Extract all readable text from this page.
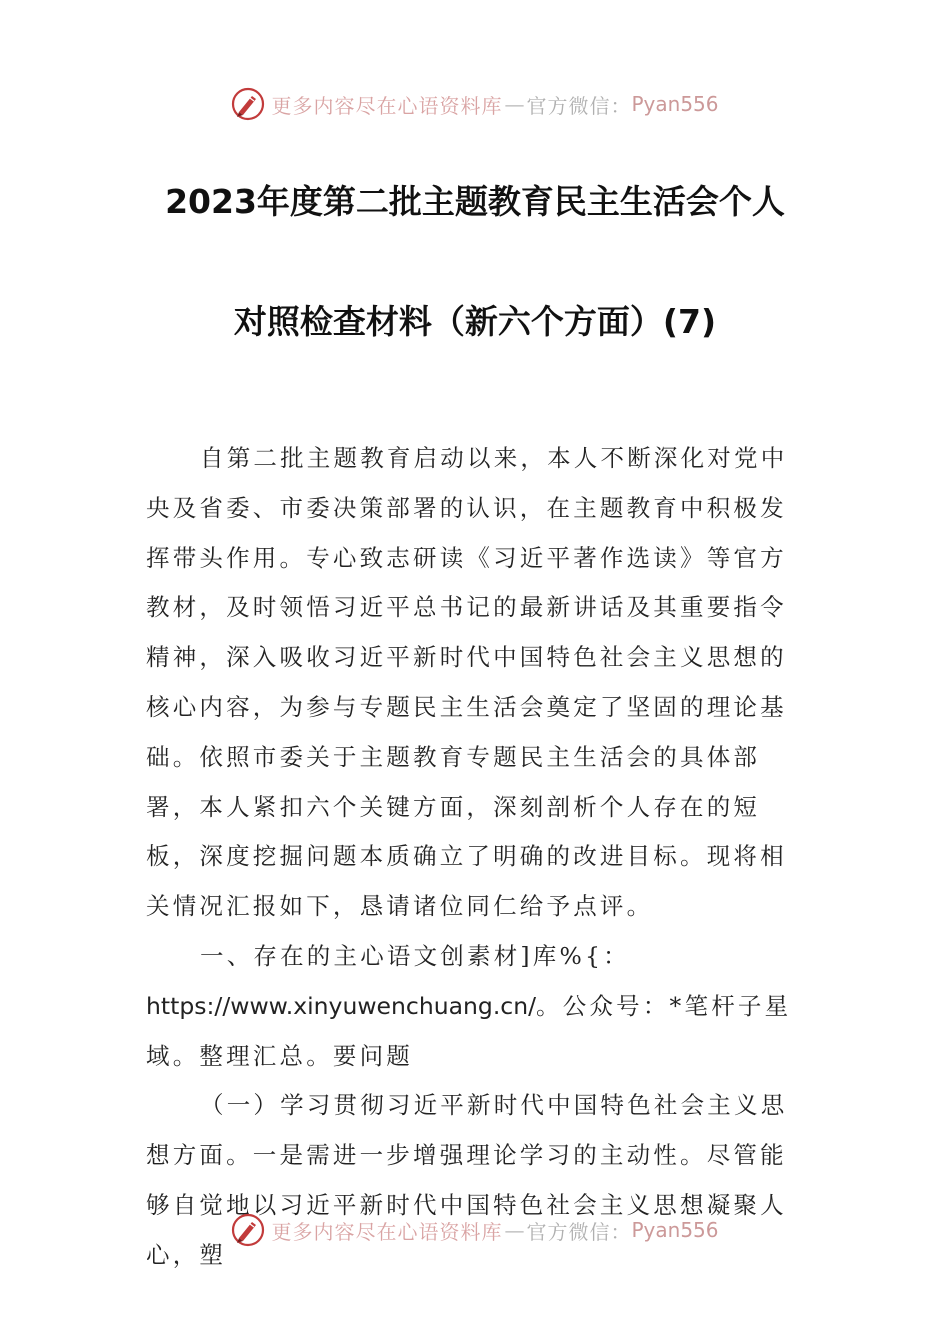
更多内容尽在心语资料库 — 官方微信： Pyan556
2023年度第二批主题教育民主生活会个人
对照检查材料（新六个方面）(7)

自第二批主题教育启动以来，本人不断深化对党中央及省委、市委决策部署的认识，在主题教育中积极发挥带头作用。专心致志研读《习近平著作选读》等官方教材，及时领悟习近平总书记的最新讲话及其重要指令精神，深入吸收习近平新时代中国特色社会主义思想的核心内容，为参与专题民主生活会奠定了坚固的理论基础。依照市委关于主题教育专题民主生活会的具体部署，本人紧扣六个关键方面，深刻剖析个人存在的短板，深度挖掘问题本质确立了明确的改进目标。现将相关情况汇报如下，恳请诸位同仁给予点评。

一、存在的主心语文创素材]库%{：https://www.xinyuwenchuang.cn/。公众号：*笔杆子星域。整理汇总。要问题

（一）学习贯彻习近平新时代中国特色社会主义思想方面。一是需进一步增强理论学习的主动性。尽管能够自觉地以习近平新时代中国特色社会主义思想凝聚人心，塑

更多内容尽在心语资料库 — 官方微信： Pyan556
